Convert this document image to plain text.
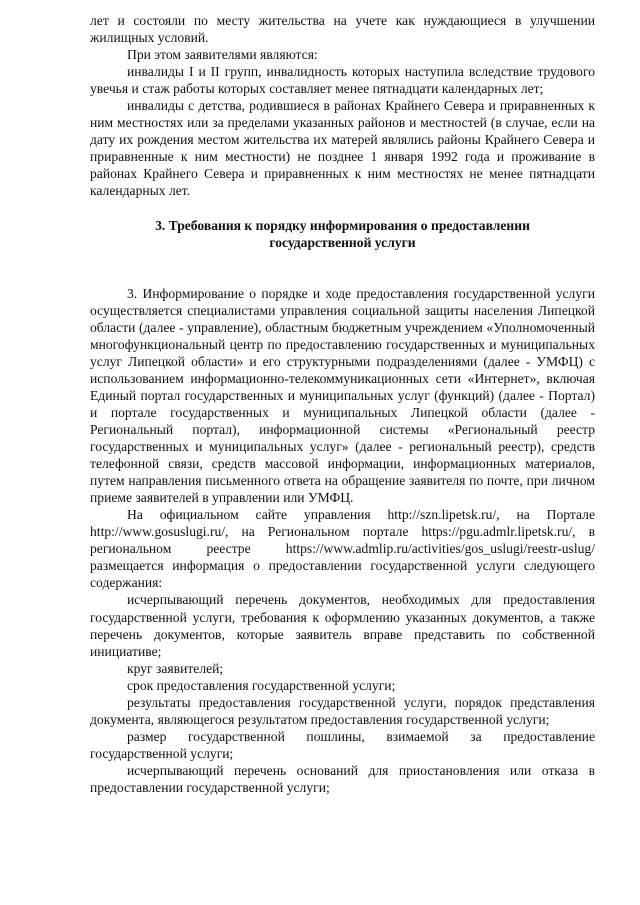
лет и состояли по месту жительства на учете как нуждающиеся в улучшении жилищных условий.

При этом заявителями являются:

инвалиды I и II групп, инвалидность которых наступила вследствие трудового увечья и стаж работы которых составляет менее пятнадцати календарных лет;

инвалиды с детства, родившиеся в районах Крайнего Севера и приравненных к ним местностях или за пределами указанных районов и местностей (в случае, если на дату их рождения местом жительства их матерей являлись районы Крайнего Севера и приравненные к ним местности) не позднее 1 января 1992 года и проживание в районах Крайнего Севера и приравненных к ним местностях не менее пятнадцати календарных лет.

3. Требования к порядку информирования о предоставлении
государственной услуги

3. Информирование о порядке и ходе предоставления государственной услуги осуществляется специалистами управления социальной защиты населения Липецкой области (далее - управление), областным бюджетным учреждением «Уполномоченный многофункциональный центр по предоставлению государственных и муниципальных услуг Липецкой области» и его структурными подразделениями (далее - УМФЦ) с использованием информационно-телекоммуникационных сети «Интернет», включая Единый портал государственных и муниципальных услуг (функций) (далее - Портал) и портале государственных и муниципальных Липецкой области (далее - Региональный портал), информационной системы «Региональный реестр государственных и муниципальных услуг» (далее - региональный реестр), средств телефонной связи, средств массовой информации, информационных материалов, путем направления письменного ответа на обращение заявителя по почте, при личном приеме заявителей в управлении или УМФЦ.

На официальном сайте управления http://szn.lipetsk.ru/, на Портале http://www.gosuslugi.ru/, на Региональном портале https://pgu.admlr.lipetsk.ru/, в региональном реестре https://www.admlip.ru/activities/gos_uslugi/reestr-uslug/ размещается информация о предоставлении государственной услуги следующего содержания:

исчерпывающий перечень документов, необходимых для предоставления государственной услуги, требования к оформлению указанных документов, а также перечень документов, которые заявитель вправе представить по собственной инициативе;

круг заявителей;

срок предоставления государственной услуги;

результаты предоставления государственной услуги, порядок представления документа, являющегося результатом предоставления государственной услуги;

размер государственной пошлины, взимаемой за предоставление государственной услуги;

исчерпывающий перечень оснований для приостановления или отказа в предоставлении государственной услуги;
